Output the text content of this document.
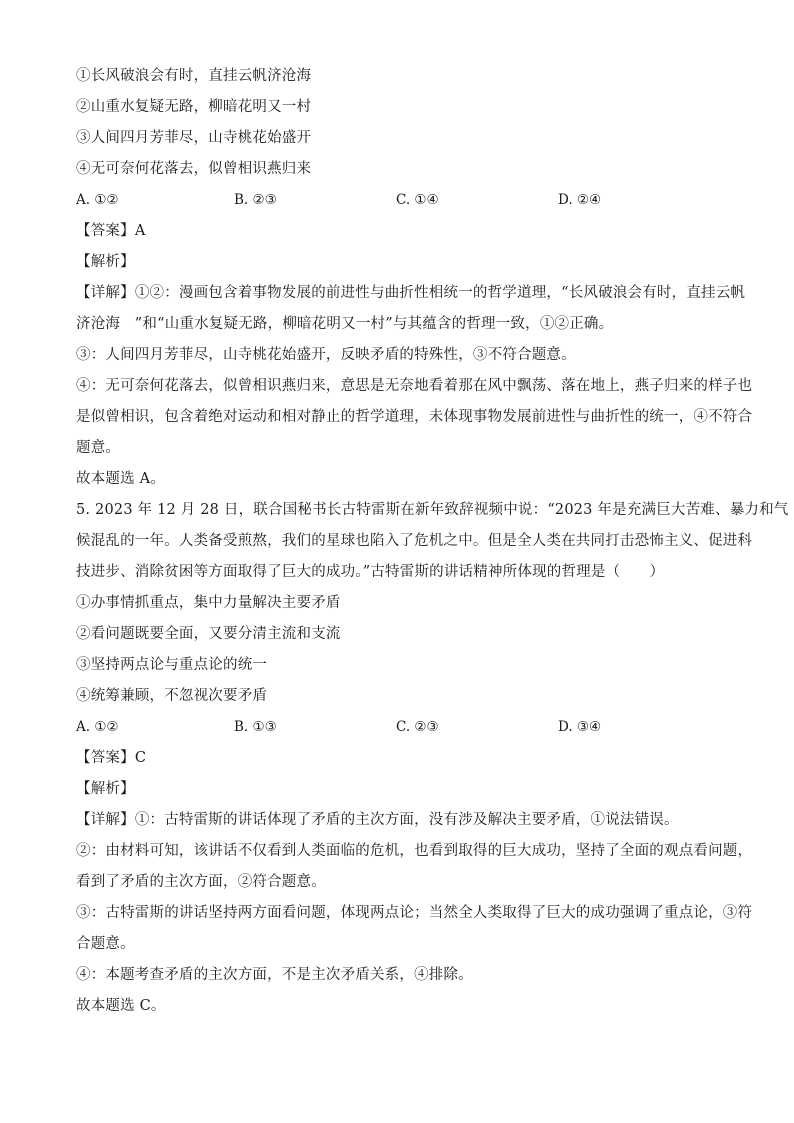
①长风破浪会有时，直挂云帆济沧海
②山重水复疑无路，柳暗花明又一村
③人间四月芳菲尽，山寺桃花始盛开
④无可奈何花落去，似曾相识燕归来
A. ①②	B. ②③	C. ①④	D. ②④
【答案】A
【解析】
【详解】①②：漫画包含着事物发展的前进性与曲折性相统一的哲学道理，“长风破浪会有时，直挂云帆
济沧海　”和“山重水复疑无路，柳暗花明又一村”与其蕴含的哲理一致，①②正确。
③：人间四月芳菲尽，山寺桃花始盛开，反映矛盾的特殊性，③不符合题意。
④：无可奈何花落去，似曾相识燕归来，意思是无奈地看着那在风中飘荡、落在地上，燕子归来的样子也
是似曾相识，包含着绝对运动和相对静止的哲学道理，未体现事物发展前进性与曲折性的统一，④不符合
题意。
故本题选 A。
5. 2023 年 12 月 28 日，联合国秘书长古特雷斯在新年致辞视频中说：“2023 年是充满巨大苦难、暴力和气
候混乱的一年。人类备受煎熬，我们的星球也陷入了危机之中。但是全人类在共同打击恐怖主义、促进科
技进步、消除贫困等方面取得了巨大的成功。”古特雷斯的讲话精神所体现的哲理是（　　）
①办事情抓重点，集中力量解决主要矛盾
②看问题既要全面，又要分清主流和支流
③坚持两点论与重点论的统一
④统筹兼顾，不忽视次要矛盾
A. ①②	B. ①③	C. ②③	D. ③④
【答案】C
【解析】
【详解】①：古特雷斯的讲话体现了矛盾的主次方面，没有涉及解决主要矛盾，①说法错误。
②：由材料可知，该讲话不仅看到人类面临的危机，也看到取得的巨大成功，坚持了全面的观点看问题，
看到了矛盾的主次方面，②符合题意。
③：古特雷斯的讲话坚持两方面看问题，体现两点论；当然全人类取得了巨大的成功强调了重点论，③符
合题意。
④：本题考查矛盾的主次方面，不是主次矛盾关系，④排除。
故本题选 C。
